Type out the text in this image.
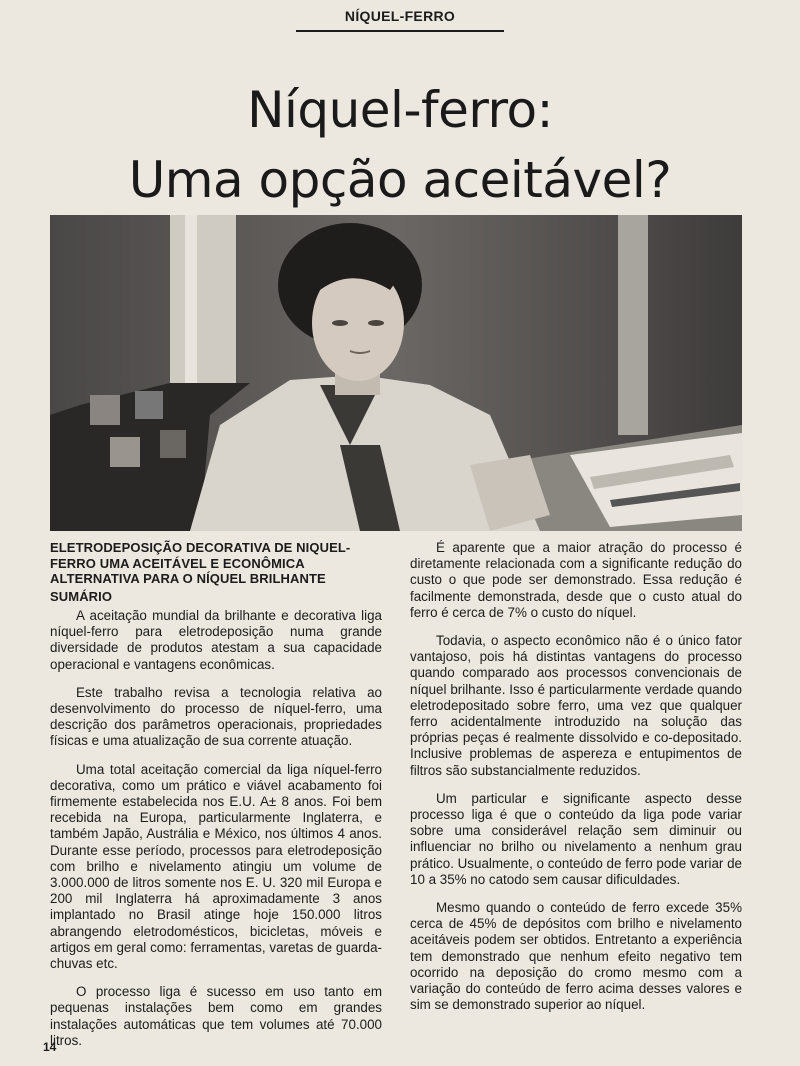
NÍQUEL-FERRO
Níquel-ferro:
Uma opção aceitável?
ELETRODEPOSIÇÃO DECORATIVA DE NIQUEL-FERRO UMA ACEITÁVEL E ECONÔMICA ALTERNATIVA PARA O NÍQUEL BRILHANTE
SUMÁRIO

A aceitação mundial da brilhante e decorativa liga níquel-ferro para eletrodeposição numa grande diversidade de produtos atestam a sua capacidade operacional e vantagens econômicas.

Este trabalho revisa a tecnologia relativa ao desenvolvimento do processo de níquel-ferro, uma descrição dos parâmetros operacionais, propriedades físicas e uma atualização de sua corrente atuação.

Uma total aceitação comercial da liga níquel-ferro decorativa, como um prático e viável acabamento foi firmemente estabelecida nos E.U. A± 8 anos. Foi bem recebida na Europa, particularmente Inglaterra, e também Japão, Austrália e México, nos últimos 4 anos. Durante esse período, processos para eletrodeposição com brilho e nivelamento atingiu um volume de 3.000.000 de litros somente nos E. U. 320 mil Europa e 200 mil Inglaterra há aproximadamente 3 anos implantado no Brasil atinge hoje 150.000 litros abrangendo eletrodomésticos, bicicletas, móveis e artigos em geral como: ferramentas, varetas de guarda-chuvas etc.

O processo liga é sucesso em uso tanto em pequenas instalações bem como em grandes instalações automáticas que tem volumes até 70.000 litros.

É aparente que a maior atração do processo é diretamente relacionada com a significante redução do custo o que pode ser demonstrado. Essa redução é facilmente demonstrada, desde que o custo atual do ferro é cerca de 7% o custo do níquel.

Todavia, o aspecto econômico não é o único fator vantajoso, pois há distintas vantagens do processo quando comparado aos processos convencionais de níquel brilhante. Isso é particularmente verdade quando eletrodepositado sobre ferro, uma vez que qualquer ferro acidentalmente introduzido na solução das próprias peças é realmente dissolvido e co-depositado. Inclusive problemas de aspereza e entupimentos de filtros são substancialmente reduzidos.

Um particular e significante aspecto desse processo liga é que o conteúdo da liga pode variar sobre uma considerável relação sem diminuir ou influenciar no brilho ou nivelamento a nenhum grau prático. Usualmente, o conteúdo de ferro pode variar de 10 a 35% no catodo sem causar dificuldades.

Mesmo quando o conteúdo de ferro excede 35% cerca de 45% de depósitos com brilho e nivelamento aceitáveis podem ser obtidos. Entretanto a experiência tem demonstrado que nenhum efeito negativo tem ocorrido na deposição do cromo mesmo com a variação do conteúdo de ferro acima desses valores e sim se demonstrado superior ao níquel.

14
